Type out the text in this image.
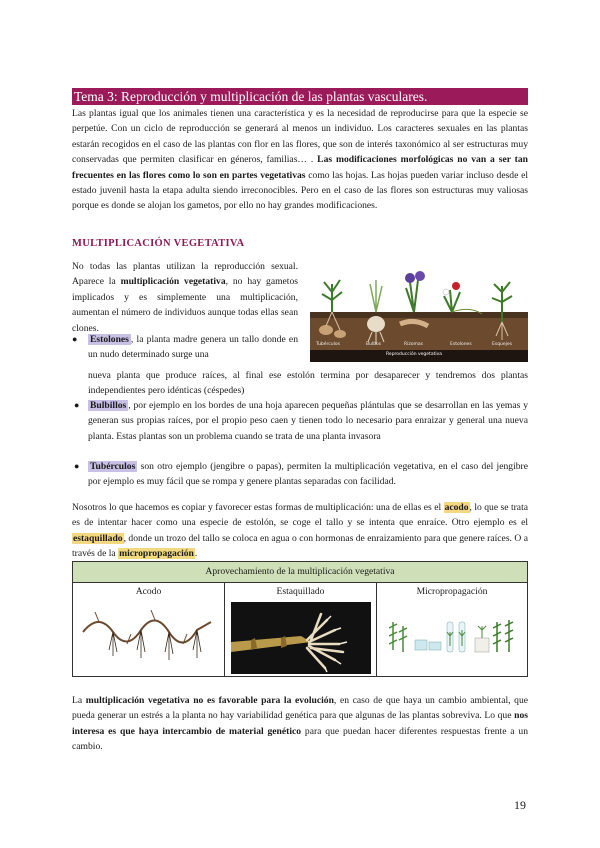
Tema 3: Reproducción y multiplicación de las plantas vasculares.
Las plantas igual que los animales tienen una característica y es la necesidad de reproducirse para que la especie se perpetúe. Con un ciclo de reproducción se generará al menos un individuo. Los caracteres sexuales en las plantas estarán recogidos en el caso de las plantas con flor en las flores, que son de interés taxonómico al ser estructuras muy conservadas que permiten clasificar en géneros, familias… . Las modificaciones morfológicas no van a ser tan frecuentes en las flores como lo son en partes vegetativas como las hojas. Las hojas pueden variar incluso desde el estado juvenil hasta la etapa adulta siendo irreconocibles. Pero en el caso de las flores son estructuras muy valiosas porque es donde se alojan los gametos, por ello no hay grandes modificaciones.
MULTIPLICACIÓN VEGETATIVA
No todas las plantas utilizan la reproducción sexual. Aparece la multiplicación vegetativa, no hay gametos implicados y es simplemente una multiplicación, aumentan el número de individuos aunque todas ellas sean clones.
Tubérculos	Bulbos	Rizomas	Estolones	Esquejes
Reproducción vegetativa
● Estolones , la planta madre genera un tallo donde en un nudo determinado surge una
nueva planta que produce raíces, al final ese estolón termina por desaparecer y tendremos dos plantas independientes pero idénticas (céspedes)
● Bulbillos , por ejemplo en los bordes de una hoja aparecen pequeñas plántulas que se desarrollan en las yemas y generan sus propias raíces, por el propio peso caen y tienen todo lo necesario para enraizar y general una nueva planta. Estas plantas son un problema cuando se trata de una planta invasora
● Tubérculos son otro ejemplo (jengibre o papas), permiten la multiplicación vegetativa, en el caso del jengibre por ejemplo es muy fácil que se rompa y genere plantas separadas con facilidad.
Nosotros lo que hacemos es copiar y favorecer estas formas de multiplicación: una de ellas es el acodo, lo que se trata es de intentar hacer como una especie de estolón, se coge el tallo y se intenta que enraíce. Otro ejemplo es el estaquillado, donde un trozo del tallo se coloca en agua o con hormonas de enraizamiento para que genere raíces. O a través de la micropropagación.
Aprovechamiento de la multiplicación vegetativa
Acodo	Estaquillado	Micropropagación
La multiplicación vegetativa no es favorable para la evolución, en caso de que haya un cambio ambiental, que pueda generar un estrés a la planta no hay variabilidad genética para que algunas de las plantas sobreviva. Lo que nos interesa es que haya intercambio de material genético para que puedan hacer diferentes respuestas frente a un cambio.
19
